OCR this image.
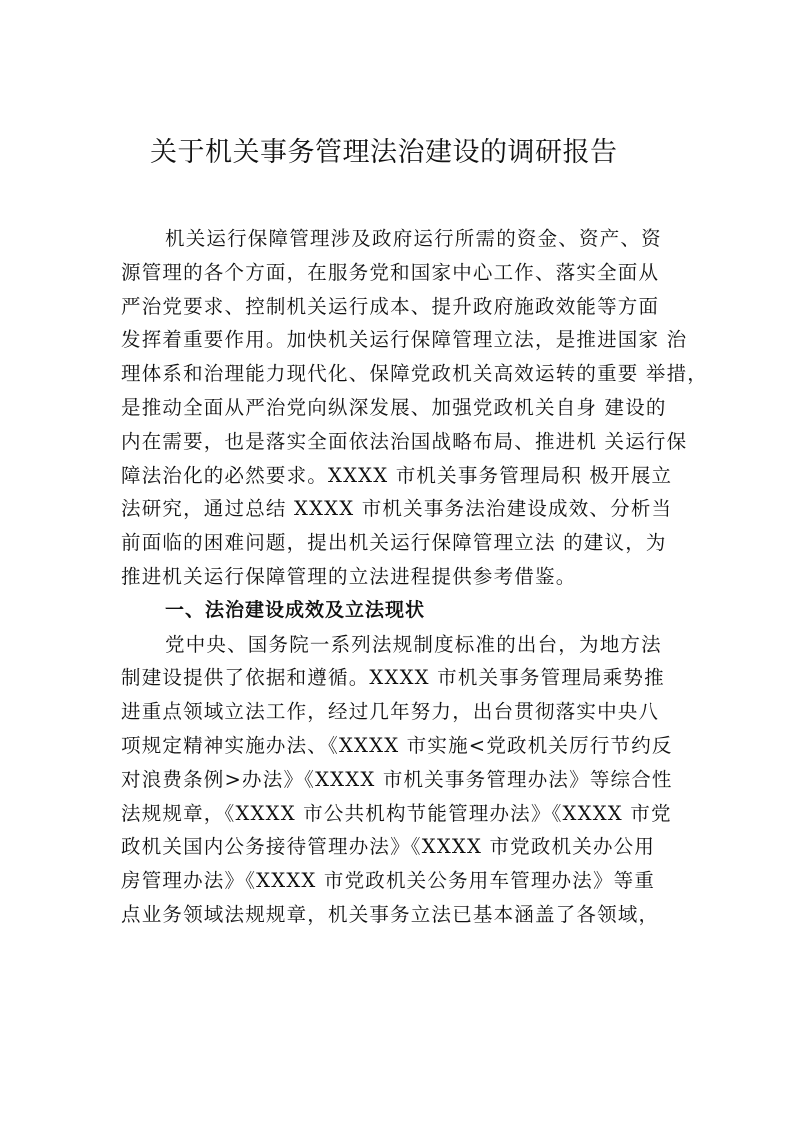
关于机关事务管理法治建设的调研报告
机关运行保障管理涉及政府运行所需的资金、资产、资
源管理的各个方面，在服务党和国家中心工作、落实全面从
严治党要求、控制机关运行成本、提升政府施政效能等方面
发挥着重要作用。加快机关运行保障管理立法，是推进国家 治
理体系和治理能力现代化、保障党政机关高效运转的重要 举措，
是推动全面从严治党向纵深发展、加强党政机关自身 建设的
内在需要，也是落实全面依法治国战略布局、推进机 关运行保
障法治化的必然要求。XXXX 市机关事务管理局积 极开展立
法研究，通过总结 XXXX 市机关事务法治建设成效、分析当
前面临的困难问题，提出机关运行保障管理立法 的建议，为
推进机关运行保障管理的立法进程提供参考借鉴。
一、法治建设成效及立法现状
党中央、国务院一系列法规制度标准的出台，为地方法
制建设提供了依据和遵循。XXXX 市机关事务管理局乘势推
进重点领域立法工作，经过几年努力，出台贯彻落实中央八
项规定精神实施办法、《XXXX 市实施<党政机关厉行节约反
对浪费条例>办法》《XXXX 市机关事务管理办法》等综合性
法规规章，《XXXX 市公共机构节能管理办法》《XXXX 市党
政机关国内公务接待管理办法》《XXXX 市党政机关办公用
房管理办法》《XXXX 市党政机关公务用车管理办法》等重
点业务领域法规规章，机关事务立法已基本涵盖了各领域，
